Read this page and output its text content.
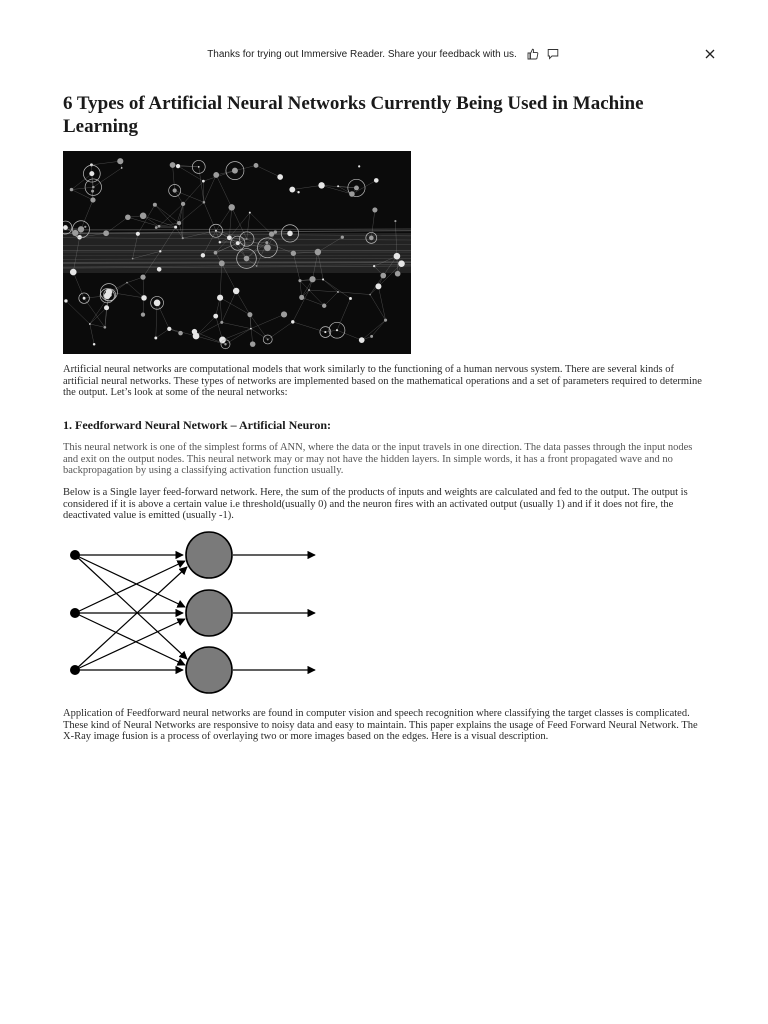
Thanks for trying out Immersive Reader. Share your feedback with us.
6 Types of Artificial Neural Networks Currently Being Used in Machine Learning

Artificial neural networks are computational models that work similarly to the functioning of a human nervous system. There are several kinds of artificial neural networks. These types of networks are implemented based on the mathematical operations and a set of parameters required to determine the output. Let’s look at some of the neural networks:

1. Feedforward Neural Network – Artificial Neuron:

This neural network is one of the simplest forms of ANN, where the data or the input travels in one direction. The data passes through the input nodes and exit on the output nodes. This neural network may or may not have the hidden layers. In simple words, it has a front propagated wave and no backpropagation by using a classifying activation function usually.

Below is a Single layer feed-forward network. Here, the sum of the products of inputs and weights are calculated and fed to the output. The output is considered if it is above a certain value i.e threshold(usually 0) and the neuron fires with an activated output (usually 1) and if it does not fire, the deactivated value is emitted (usually -1).

Application of Feedforward neural networks are found in computer vision and speech recognition where classifying the target classes is complicated. These kind of Neural Networks are responsive to noisy data and easy to maintain. This paper explains the usage of Feed Forward Neural Network. The X-Ray image fusion is a process of overlaying two or more images based on the edges. Here is a visual description.
